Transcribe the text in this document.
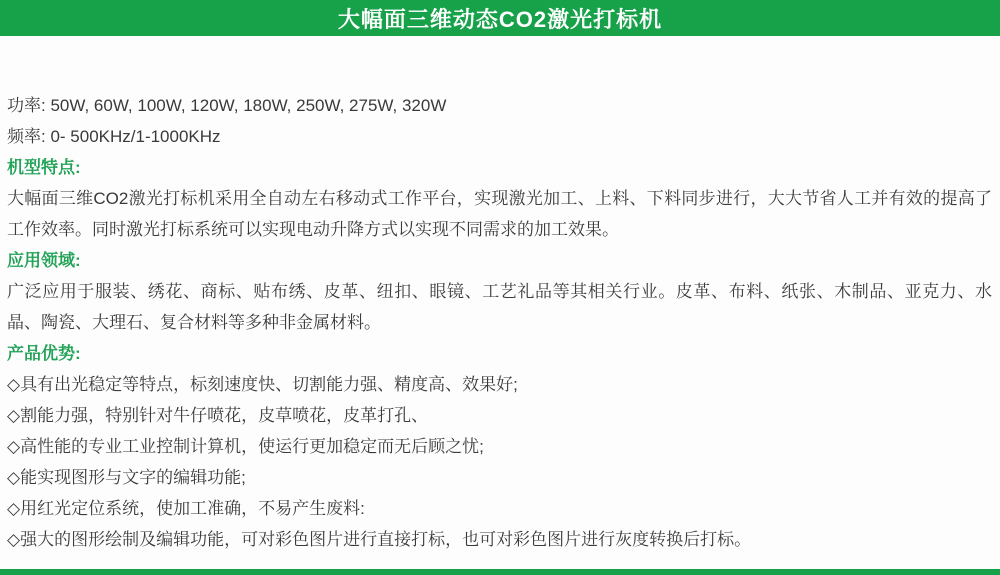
大幅面三维动态CO2激光打标机
功率: 50W, 60W, 100W, 120W, 180W, 250W, 275W, 320W
频率: 0- 500KHz/1-1000KHz
机型特点:
大幅面三维CO2激光打标机采用全自动左右移动式工作平台，实现激光加工、上料、下料同步进行，大大节省人工并有效的提高了工作效率。同时激光打标系统可以实现电动升降方式以实现不同需求的加工效果。
应用领域:
广泛应用于服装、绣花、商标、贴布绣、皮革、纽扣、眼镜、工艺礼品等其相关行业。皮革、布料、纸张、木制品、亚克力、水晶、陶瓷、大理石、复合材料等多种非金属材料。
产品优势:
◇具有出光稳定等特点，标刻速度快、切割能力强、精度高、效果好;
◇割能力强，特别针对牛仔喷花，皮草喷花，皮革打孔、
◇高性能的专业工业控制计算机，使运行更加稳定而无后顾之忧;
◇能实现图形与文字的编辑功能;
◇用红光定位系统，使加工准确，不易产生废料:
◇强大的图形绘制及编辑功能，可对彩色图片进行直接打标，也可对彩色图片进行灰度转换后打标。
